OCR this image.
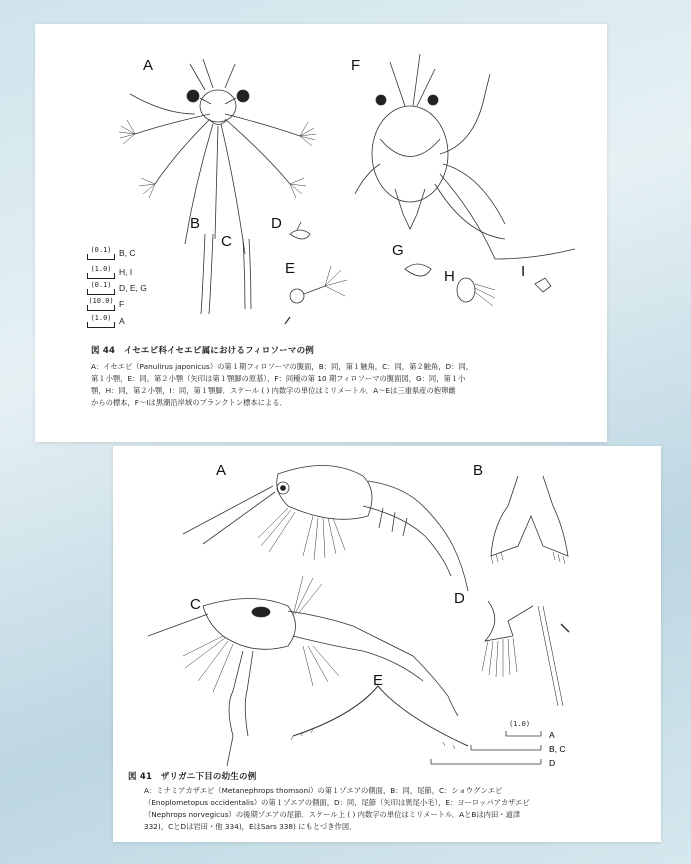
A	F
B
C
D
E
G
H	I
(0.1) B, C
(1.0) H, I
(0.1) D, E, G
(10.0) F
(1.0) A
図 44　イセエビ科イセエビ属におけるフィロソーマの例
A：イセエビ（Panulirus japonicus）の第１期フィロソーマの腹面，B：同，第１触角，C：同，第２触角，D：同，
第１小顎，E：同，第２小顎（矢印は第１顎脚の原基），F：同種の第 10 期フィロソーマの腹面図，G：同，第１小
顎，H：同，第２小顎，I：同，第１顎脚．スケール ( ) 内数字の単位はミリメートル．A〜Eは三重県産の抱卵雌
からの標本，F〜Iは黒潮沿岸域のプランクトン標本による．
A	B
C	D
E
(1.0)
A
B, C
D
図 41　ザリガニ下目の幼生の例
A：ミナミアカザエビ（Metanephrops thomsoni）の第１ゾエアの側面，B：同，尾節，C：ショウグンエビ
（Enoplometopus occidentalis）の第１ゾエアの側面，D：同，尾節（矢印は異尾小毛），E：ヨーロッパアカザエビ
（Nephrops norvegicus）の後期ゾエアの尾節．スケール上 ( ) 内数字の単位はミリメートル．AとBは内田・道津
332)，CとDは岩田・他 334)，EはSars 338) にもとづき作図．
